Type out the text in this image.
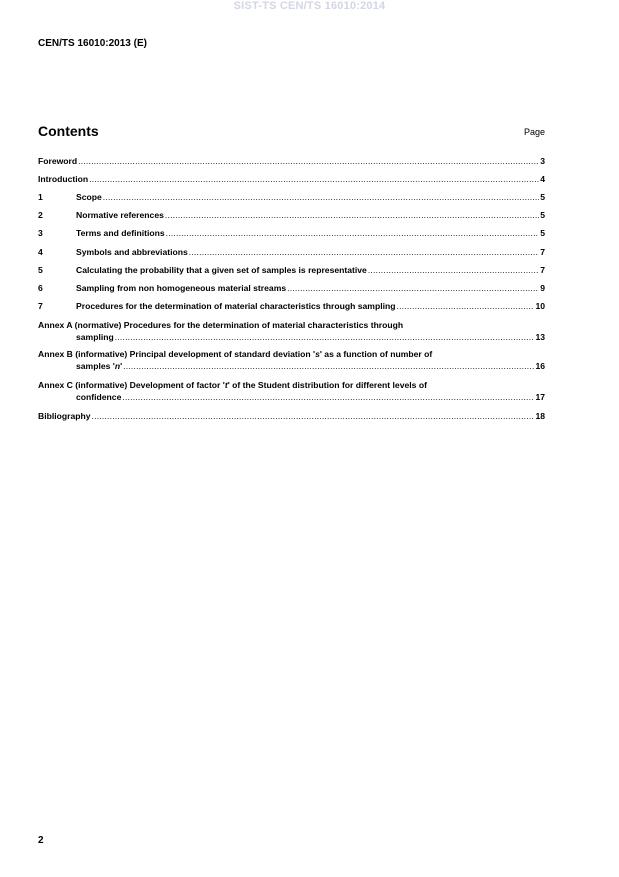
SIST-TS CEN/TS 16010:2014
CEN/TS 16010:2013 (E)
Contents	Page
Foreword .....	3
Introduction .....	4
1	Scope .....	5
2	Normative references .....	5
3	Terms and definitions .....	5
4	Symbols and abbreviations .....	7
5	Calculating the probability that a given set of samples is representative .....	7
6	Sampling from non homogeneous material streams .....	9
7	Procedures for the determination of material characteristics through sampling .....	10
Annex A (normative) Procedures for the determination of material characteristics through
sampling .....	13
Annex B (informative) Principal development of standard deviation 's' as a function of number of
samples 'n' .....	16
Annex C (informative) Development of factor 't' of the Student distribution for different levels of
confidence .....	17
Bibliography .....	18
2
